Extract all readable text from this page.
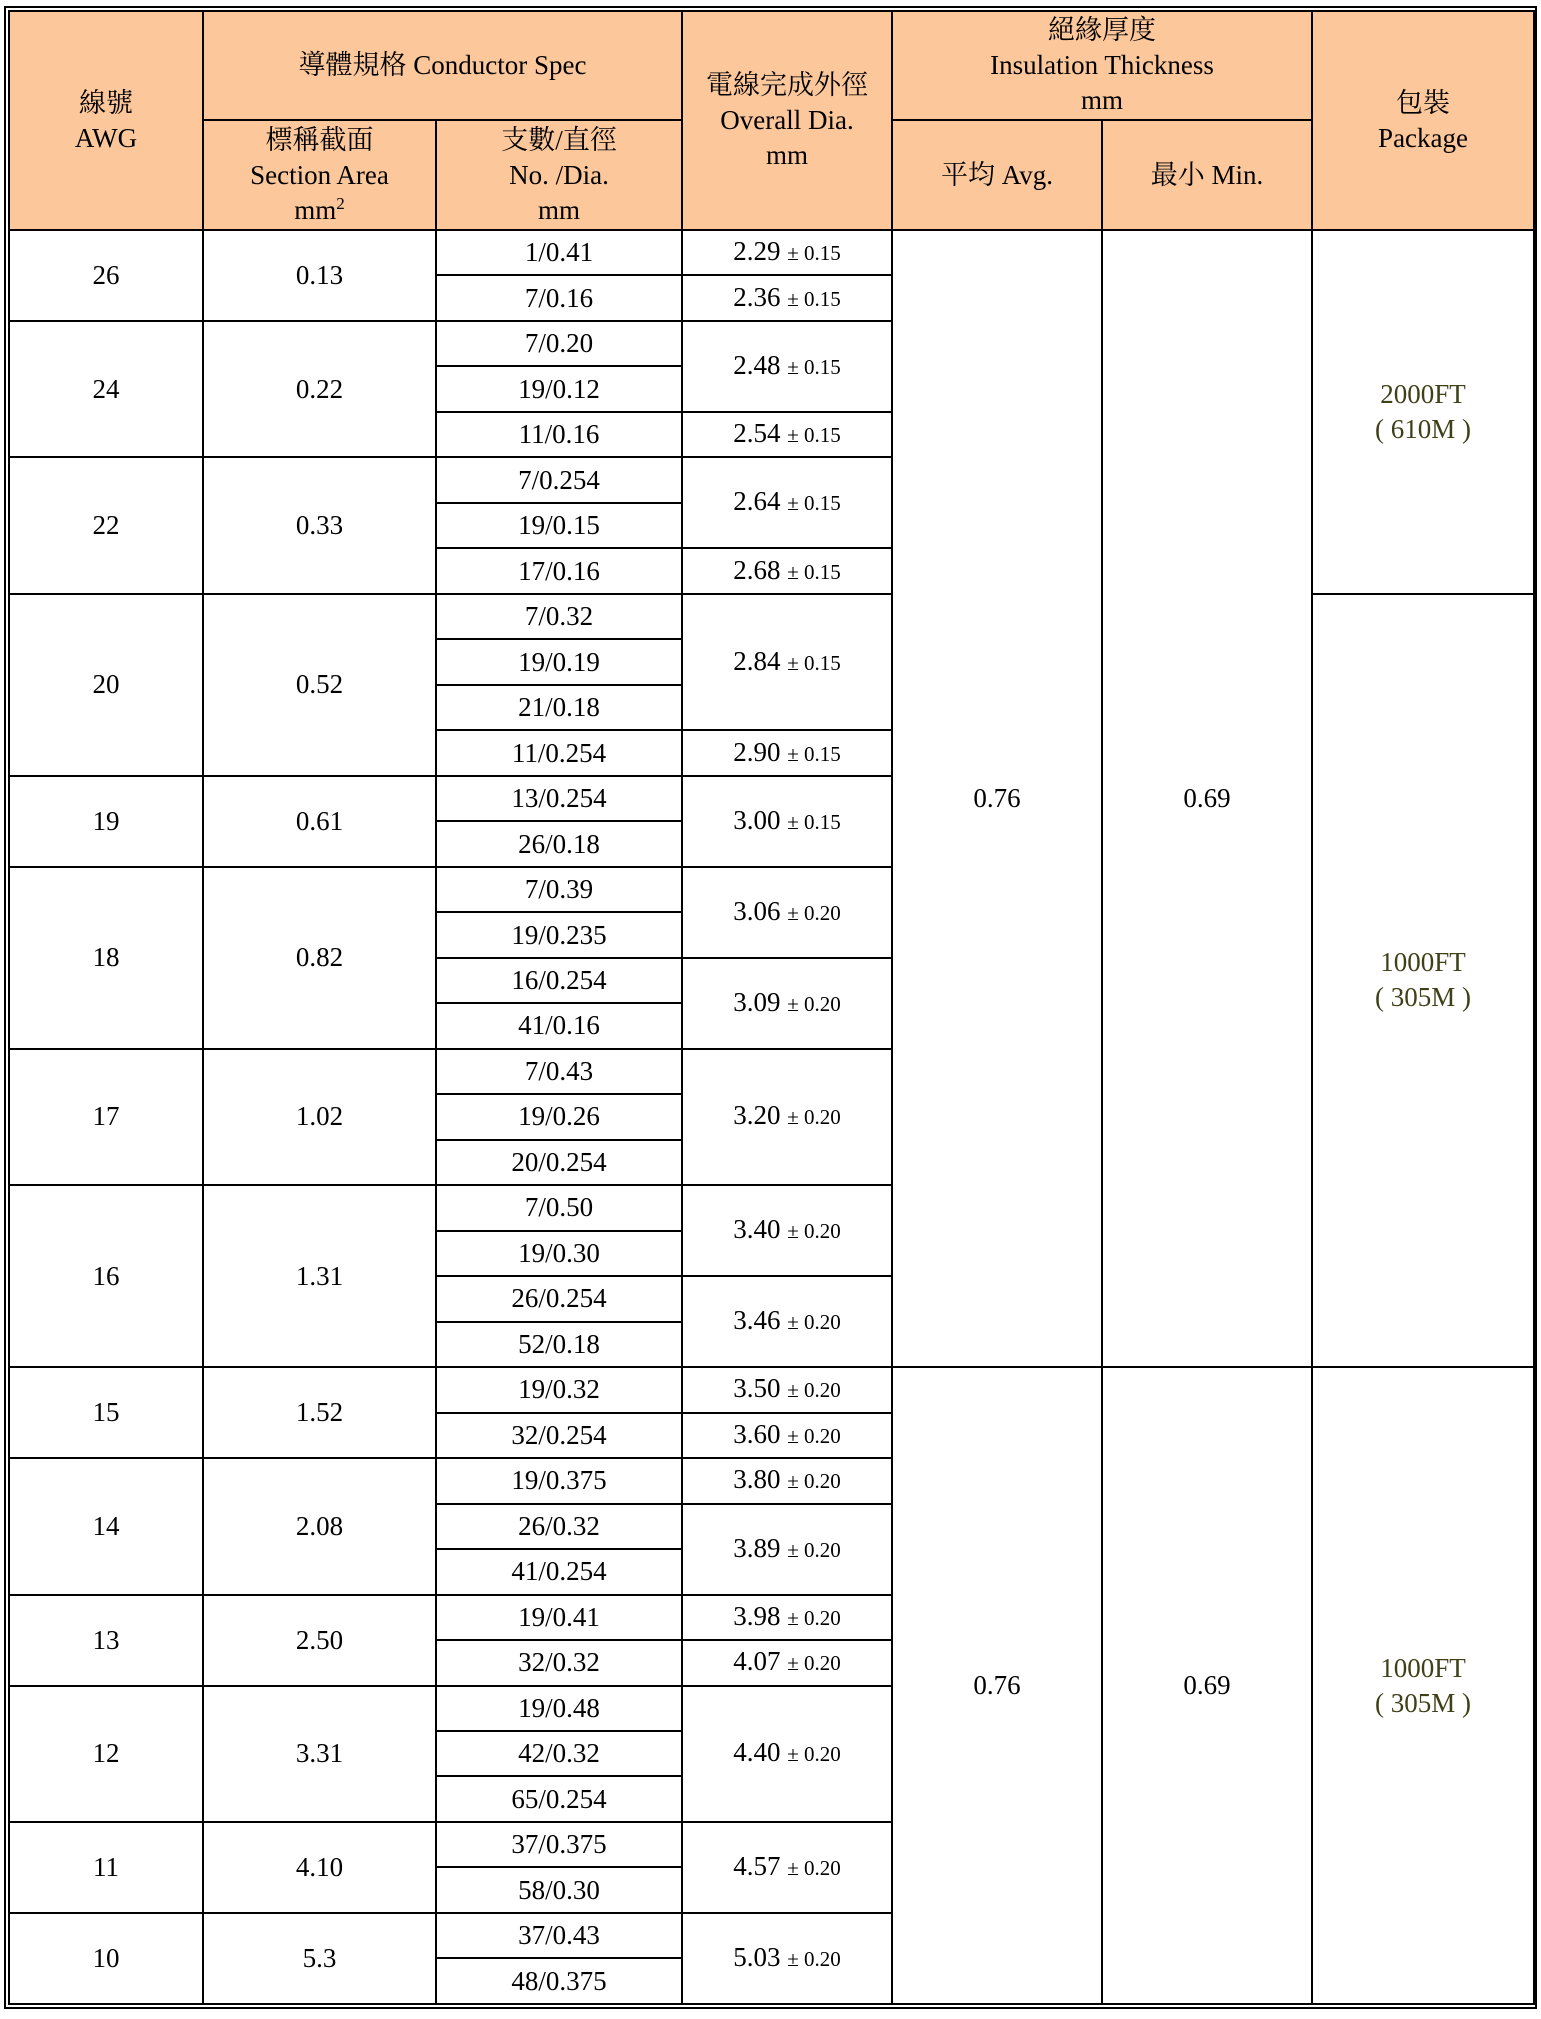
線號
AWG	導體規格 Conductor Spec		電線完成外徑
Overall Dia.
mm	絕緣厚度
Insulation Thickness
mm		包裝
Package

	標稱截面
Section Area
$mm^2$	支數/直徑
No. /Dia.
mm		平均 Avg.	最小 Min.	
26	0.13	1/0.41	2.29 ± 0.15	0.76	0.69	2000FT
( 610M )

		7/0.16	2.36 ± 0.15			
24	0.22	7/0.20	2.48 ± 0.15			
		19/0.12				
		11/0.16	2.54 ± 0.15			
22	0.33	7/0.254	2.64 ± 0.15			
		19/0.15				
		17/0.16	2.68 ± 0.15			
20	0.52	7/0.32	2.84 ± 0.15			1000FT
( 305M )

		19/0.19				
		21/0.18				
		11/0.254	2.90 ± 0.15			
19	0.61	13/0.254	3.00 ± 0.15			
		26/0.18				
18	0.82	7/0.39	3.06 ± 0.20			
		19/0.235				
		16/0.254	3.09 ± 0.20			
		41/0.16				
17	1.02	7/0.43	3.20 ± 0.20			
		19/0.26				
		20/0.254				
16	1.31	7/0.50	3.40 ± 0.20			
		19/0.30				
		26/0.254	3.46 ± 0.20			
		52/0.18				
15	1.52	19/0.32	3.50 ± 0.20	0.76	0.69	1000FT
( 305M )

		32/0.254	3.60 ± 0.20			
14	2.08	19/0.375	3.80 ± 0.20			
		26/0.32	3.89 ± 0.20			
		41/0.254				
13	2.50	19/0.41	3.98 ± 0.20			
		32/0.32	4.07 ± 0.20			
12	3.31	19/0.48	4.40 ± 0.20			
		42/0.32				
		65/0.254				
11	4.10	37/0.375	4.57 ± 0.20			
		58/0.30				
10	5.3	37/0.43	5.03 ± 0.20			
		48/0.375				
